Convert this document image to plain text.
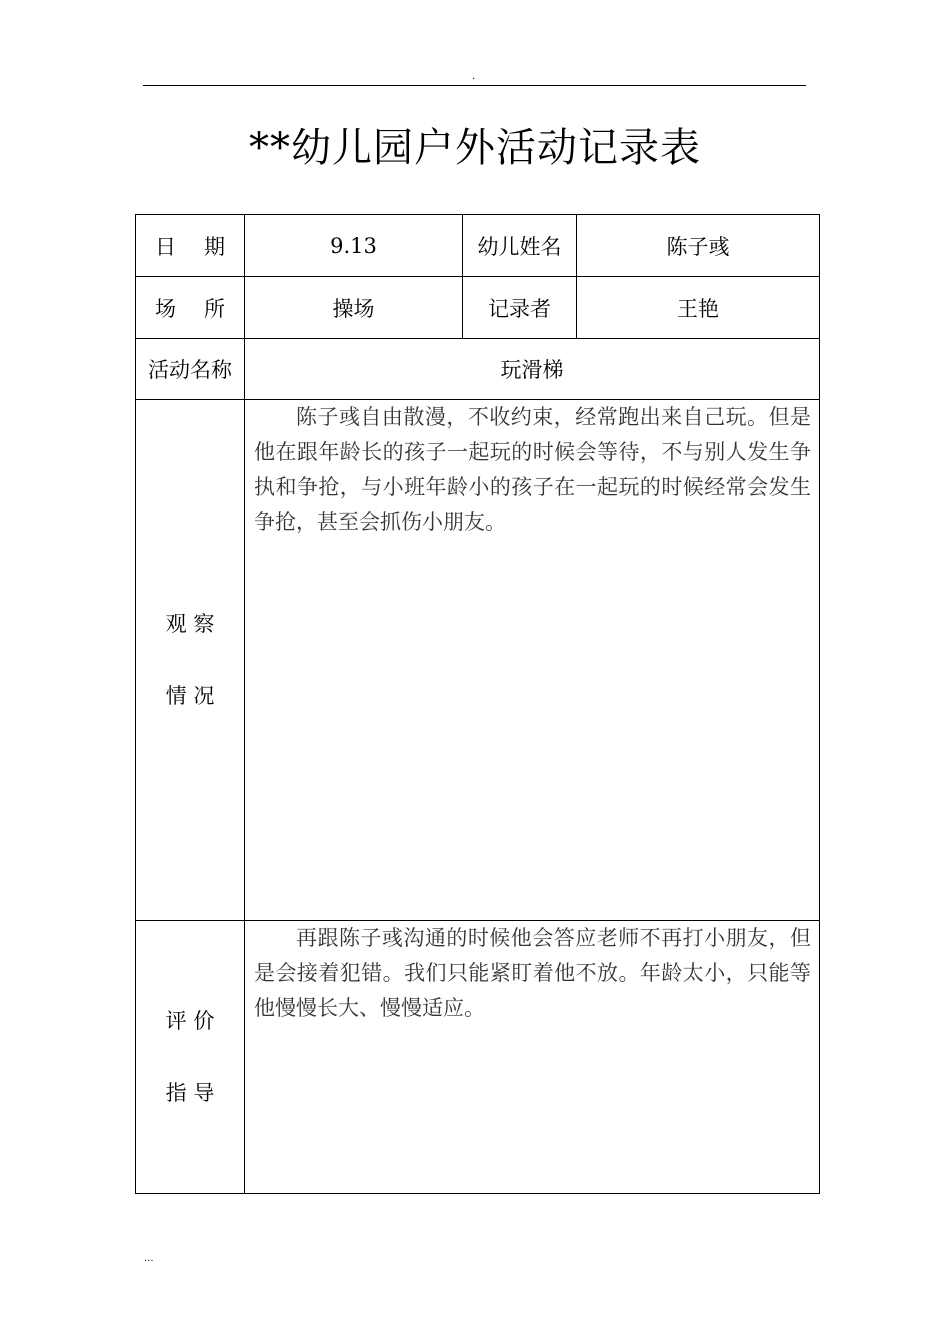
.
**幼儿园户外活动记录表
日 期	9.13	幼儿姓名	陈子彧
场 所	操场	记录者	王艳
活动名称	玩滑梯		

观 察
情 况	陈子彧自由散漫，不收约束，经常跑出来自己玩。但是他在跟年龄长的孩子一起玩的时候会等待，不与别人发生争执和争抢，与小班年龄小的孩子在一起玩的时候经常会发生争抢，甚至会抓伤小朋友。		

评 价
指 导	再跟陈子彧沟通的时候他会答应老师不再打小朋友，但是会接着犯错。我们只能紧盯着他不放。年龄太小，只能等他慢慢长大、慢慢适应。		

...
